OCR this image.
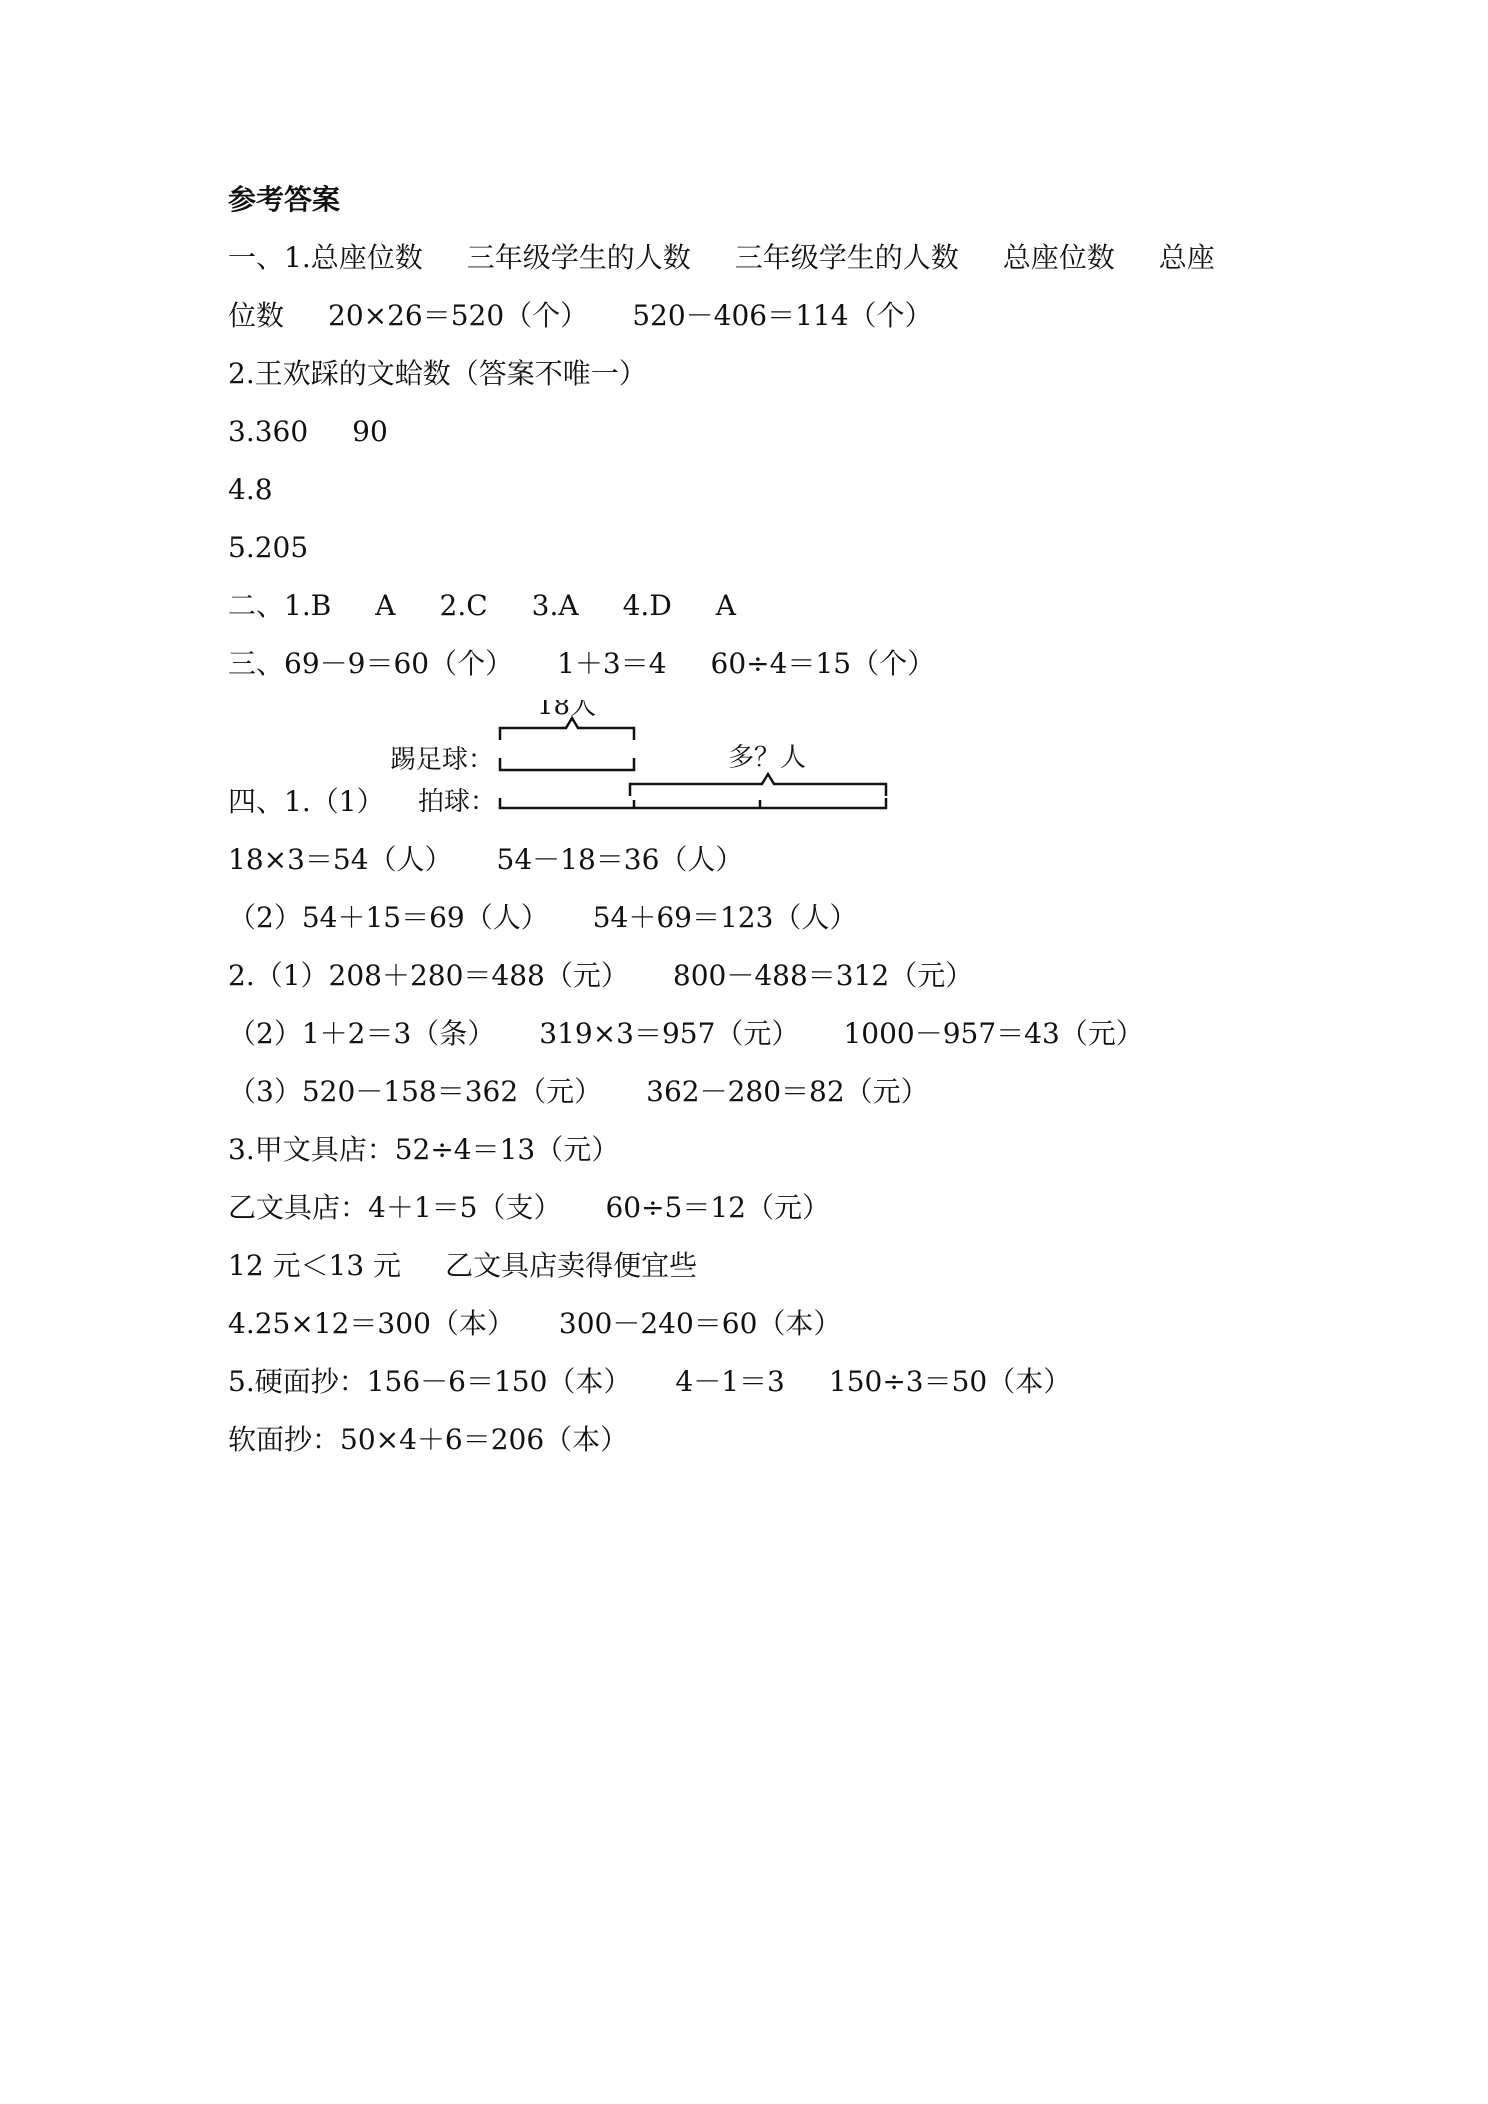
参考答案
一、1.总座位数 三年级学生的人数 三年级学生的人数 总座位数 总座
位数 20×26＝520（个） 520－406＝114（个）
2.王欢踩的文蛤数（答案不唯一）
3.360 90
4.8
5.205
二、1.B A 2.C 3.A 4.D A
三、69－9＝60（个） 1＋3＝4 60÷4＝15（个）
18人
踢足球：	多？人
拍球：
四、1.（1）
18×3＝54（人） 54－18＝36（人）
（2）54＋15＝69（人） 54＋69＝123（人）
2.（1）208＋280＝488（元） 800－488＝312（元）
（2）1＋2＝3（条） 319×3＝957（元） 1000－957＝43（元）
（3）520－158＝362（元） 362－280＝82（元）
3.甲文具店：52÷4＝13（元）
乙文具店：4＋1＝5（支） 60÷5＝12（元）
12 元＜13 元 乙文具店卖得便宜些
4.25×12＝300（本） 300－240＝60（本）
5.硬面抄：156－6＝150（本） 4－1＝3 150÷3＝50（本）
软面抄：50×4＋6＝206（本）
